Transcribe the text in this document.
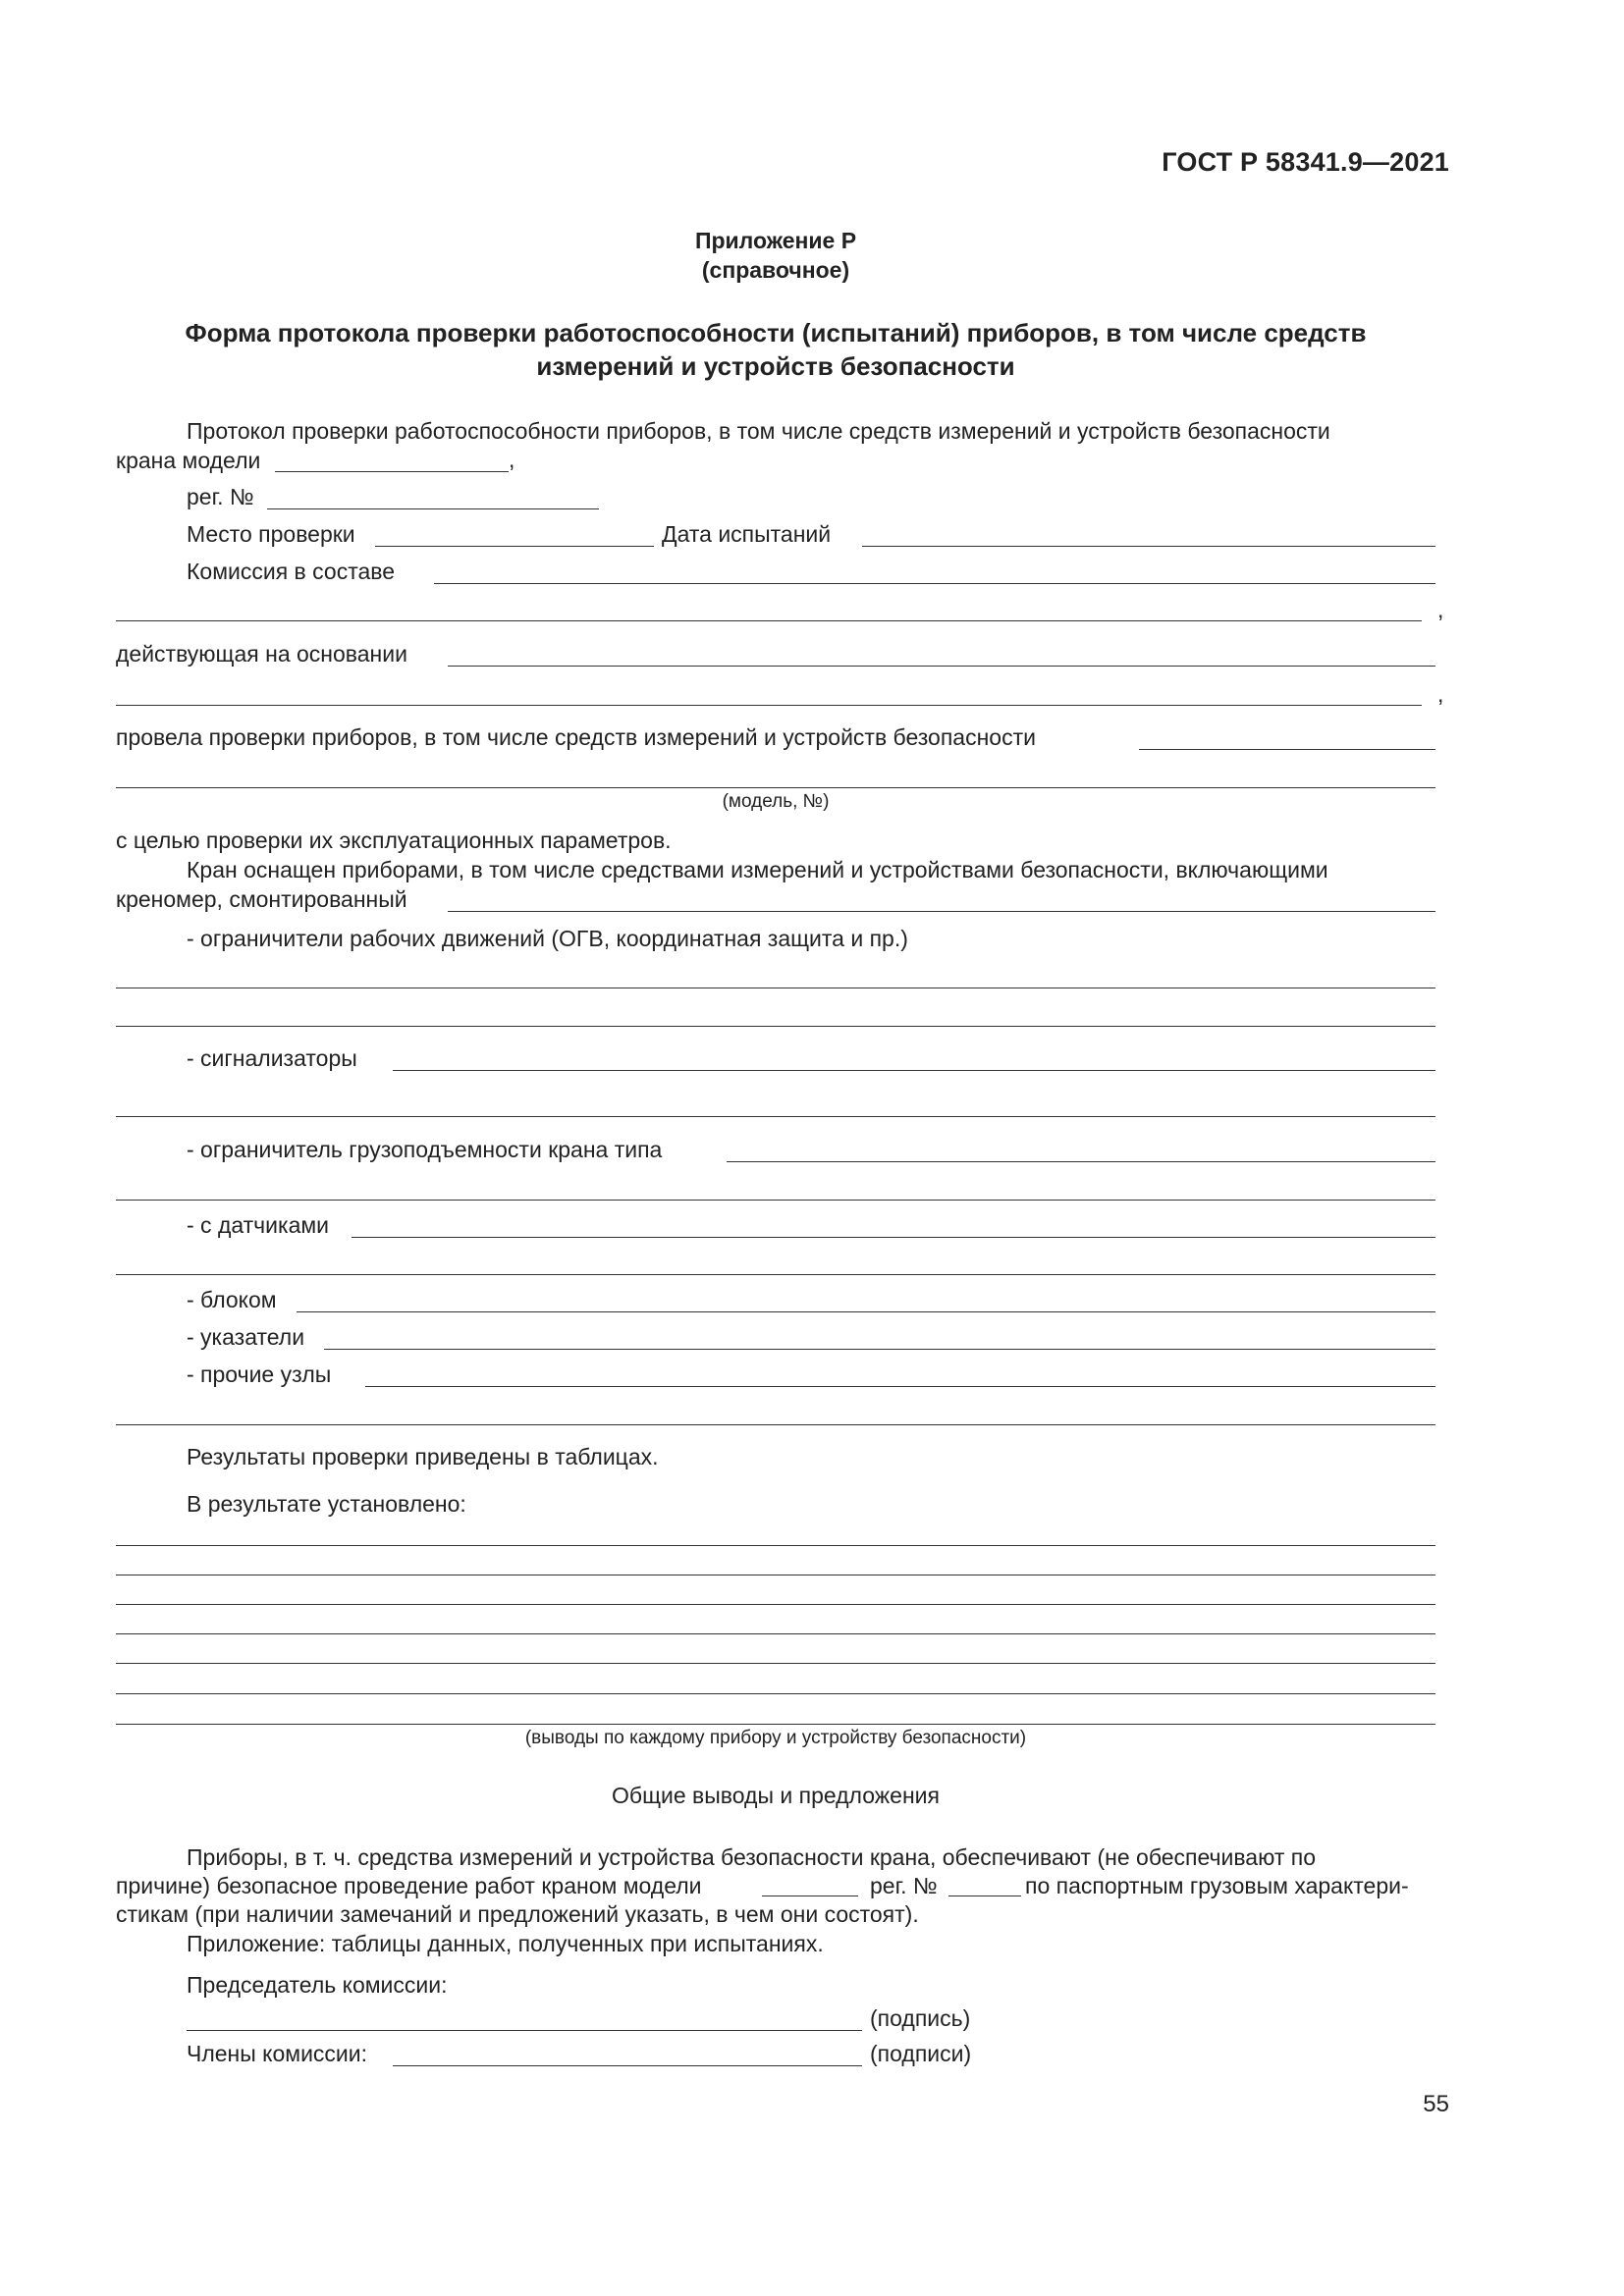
ГОСТ Р 58341.9—2021
Приложение Р
(справочное)
Форма протокола проверки работоспособности (испытаний) приборов, в том числе средств
измерений и устройств безопасности
Протокол проверки работоспособности приборов, в том числе средств измерений и устройств безопасности
крана модели	,
рег. №
Место проверки	Дата испытаний
Комиссия в составе
,
действующая на основании
,
провела проверки приборов, в том числе средств измерений и устройств безопасности
(модель, №)
с целью проверки их эксплуатационных параметров.
Кран оснащен приборами, в том числе средствами измерений и устройствами безопасности, включающими
креномер, смонтированный
- ограничители рабочих движений (ОГВ, координатная защита и пр.)
- сигнализаторы
- ограничитель грузоподъемности крана типа
- с датчиками
- блоком
- указатели
- прочие узлы
Результаты проверки приведены в таблицах.
В результате установлено:
(выводы по каждому прибору и устройству безопасности)
Общие выводы и предложения
Приборы, в т. ч. средства измерений и устройства безопасности крана, обеспечивают (не обеспечивают по
причине) безопасное проведение работ краном модели	рег. №	по паспортным грузовым характери-
стикам (при наличии замечаний и предложений указать, в чем они состоят).
Приложение: таблицы данных, полученных при испытаниях.
Председатель комиссии:
(подпись)
Члены комиссии:	(подписи)
55
